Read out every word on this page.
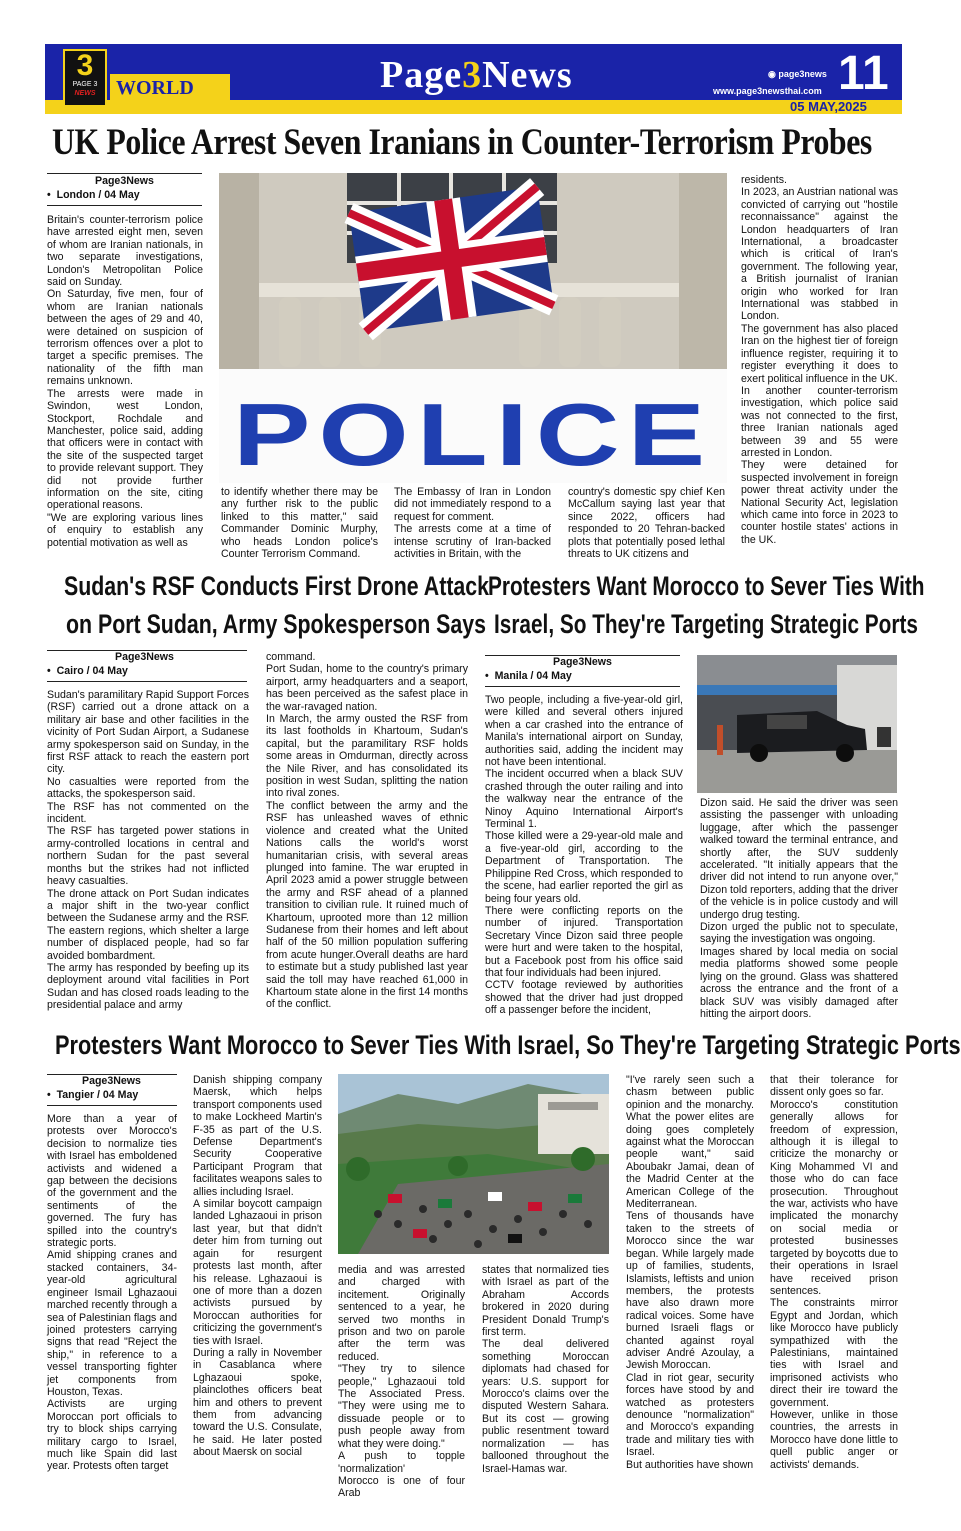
3
PAGE 3
NEWS	WORLD	Page3News	◉ page3news
www.page3newsthai.com 11
05 MAY,2025
UK Police Arrest Seven Iranians in Counter-Terrorism Probes
Page3News
•  London / 04 May

Britain's counter-terrorism police have arrested eight men, seven of whom are Iranian nationals, in two separate investigations, London's Metropolitan Police said on Sunday.
On Saturday, five men, four of whom are Iranian nationals between the ages of 29 and 40, were detained on suspicion of terrorism offences over a plot to target a specific premises. The nationality of the fifth man remains unknown.
The arrests were made in Swindon, west London, Stockport, Rochdale and Manchester, police said, adding that officers were in contact with the site of the suspected target to provide relevant support. They did not provide further information on the site, citing operational reasons.
"We are exploring various lines of enquiry to establish any potential motivation as well as

POLICE

to identify whether there may be any further risk to the public linked to this matter," said Commander Dominic Murphy, who heads London police's Counter Terrorism Command.

The Embassy of Iran in London did not immediately respond to a request for comment.
The arrests come at a time of intense scrutiny of Iran-backed activities in Britain, with the

country's domestic spy chief Ken McCallum saying last year that since 2022, officers had responded to 20 Tehran-backed plots that potentially posed lethal threats to UK citizens and

residents.
In 2023, an Austrian national was convicted of carrying out "hostile reconnaissance" against the London headquarters of Iran International, a broadcaster which is critical of Iran's government. The following year, a British journalist of Iranian origin who worked for Iran International was stabbed in London.
The government has also placed Iran on the highest tier of foreign influence register, requiring it to register everything it does to exert political influence in the UK.
In another counter-terrorism investigation, which police said was not connected to the first, three Iranian nationals aged between 39 and 55 were arrested in London.
They were detained for suspected involvement in foreign power threat activity under the National Security Act, legislation which came into force in 2023 to counter hostile states' actions in the UK.

Sudan's RSF Conducts First Drone Attack
on Port Sudan, Army Spokesperson Says
Page3News
•  Cairo / 04 May

Sudan's paramilitary Rapid Support Forces (RSF) carried out a drone attack on a military air base and other facilities in the vicinity of Port Sudan Airport, a Sudanese army spokesperson said on Sunday, in the first RSF attack to reach the eastern port city.
No casualties were reported from the attacks, the spokesperson said.
The RSF has not commented on the incident.
The RSF has targeted power stations in army-controlled locations in central and northern Sudan for the past several months but the strikes had not inflicted heavy casualties.
The drone attack on Port Sudan indicates a major shift in the two-year conflict between the Sudanese army and the RSF. The eastern regions, which shelter a large number of displaced people, had so far avoided bombardment.
The army has responded by beefing up its deployment around vital facilities in Port Sudan and has closed roads leading to the presidential palace and army

command.
Port Sudan, home to the country's primary airport, army headquarters and a seaport, has been perceived as the safest place in the war-ravaged nation.
In March, the army ousted the RSF from its last footholds in Khartoum, Sudan's capital, but the paramilitary RSF holds some areas in Omdurman, directly across the Nile River, and has consolidated its position in west Sudan, splitting the nation into rival zones.
The conflict between the army and the RSF has unleashed waves of ethnic violence and created what the United Nations calls the world's worst humanitarian crisis, with several areas plunged into famine. The war erupted in April 2023 amid a power struggle between the army and RSF ahead of a planned transition to civilian rule. It ruined much of Khartoum, uprooted more than 12 million Sudanese from their homes and left about half of the 50 million population suffering from acute hunger.Overall deaths are hard to estimate but a study published last year said the toll may have reached 61,000 in Khartoum state alone in the first 14 months of the conflict.

Protesters Want Morocco to Sever Ties With
Israel, So They're Targeting Strategic Ports
Page3News
•  Manila / 04 May

Two people, including a five-year-old girl, were killed and several others injured when a car crashed into the entrance of Manila's international airport on Sunday, authorities said, adding the incident may not have been intentional.
The incident occurred when a black SUV crashed through the outer railing and into the walkway near the entrance of the Ninoy Aquino International Airport's Terminal 1.
Those killed were a 29-year-old male and a five-year-old girl, according to the Department of Transportation. The Philippine Red Cross, which responded to the scene, had earlier reported the girl as being four years old.
There were conflicting reports on the number of injured. Transportation Secretary Vince Dizon said three people were hurt and were taken to the hospital, but a Facebook post from his office said that four individuals had been injured.
CCTV footage reviewed by authorities showed that the driver had just dropped off a passenger before the incident,

Dizon said. He said the driver was seen assisting the passenger with unloading luggage, after which the passenger walked toward the terminal entrance, and shortly after, the SUV suddenly accelerated. "It initially appears that the driver did not intend to run anyone over," Dizon told reporters, adding that the driver of the vehicle is in police custody and will undergo drug testing.
Dizon urged the public not to speculate, saying the investigation was ongoing.
Images shared by local media on social media platforms showed some people lying on the ground. Glass was shattered across the entrance and the front of a black SUV was visibly damaged after hitting the airport doors.

Protesters Want Morocco to Sever Ties With Israel, So They're Targeting Strategic Ports
Page3News
•  Tangier / 04 May

More than a year of protests over Morocco's decision to normalize ties with Israel has emboldened activists and widened a gap between the decisions of the government and the sentiments of the governed. The fury has spilled into the country's strategic ports.
Amid shipping cranes and stacked containers, 34-year-old agricultural engineer Ismail Lghazaoui marched recently through a sea of Palestinian flags and joined protesters carrying signs that read "Reject the ship," in reference to a vessel transporting fighter jet components from Houston, Texas.
Activists are urging Moroccan port officials to try to block ships carrying military cargo to Israel, much like Spain did last year. Protests often target

Danish shipping company Maersk, which helps transport components used to make Lockheed Martin's F-35 as part of the U.S. Defense Department's Security Cooperative Participant Program that facilitates weapons sales to allies including Israel.
A similar boycott campaign landed Lghazaoui in prison last year, but that didn't deter him from turning out again for resurgent protests last month, after his release. Lghazaoui is one of more than a dozen activists pursued by Moroccan authorities for criticizing the government's ties with Israel.
During a rally in November in Casablanca where Lghazaoui spoke, plainclothes officers beat him and others to prevent them from advancing toward the U.S. Consulate, he said. He later posted about Maersk on social

media and was arrested and charged with incitement. Originally sentenced to a year, he served two months in prison and two on parole after the term was reduced.
"They try to silence people," Lghazaoui told The Associated Press. "They were using me to dissuade people or to push people away from what they were doing."
A push to topple 'normalization'
Morocco is one of four Arab

states that normalized ties with Israel as part of the Abraham Accords brokered in 2020 during President Donald Trump's first term.
The deal delivered something Moroccan diplomats had chased for years: U.S. support for Morocco's claims over the disputed Western Sahara. But its cost — growing public resentment toward normalization — has ballooned throughout the Israel-Hamas war.

"I've rarely seen such a chasm between public opinion and the monarchy. What the power elites are doing goes completely against what the Moroccan people want," said Aboubakr Jamai, dean of the Madrid Center at the American College of the Mediterranean.
Tens of thousands have taken to the streets of Morocco since the war began. While largely made up of families, students, Islamists, leftists and union members, the protests have also drawn more radical voices. Some have burned Israeli flags or chanted against royal adviser André Azoulay, a Jewish Moroccan.
Clad in riot gear, security forces have stood by and watched as protesters denounce "normalization" and Morocco's expanding trade and military ties with Israel.
But authorities have shown

that their tolerance for dissent only goes so far.
Morocco's constitution generally allows for freedom of expression, although it is illegal to criticize the monarchy or King Mohammed VI and those who do can face prosecution. Throughout the war, activists who have implicated the monarchy on social media or protested businesses targeted by boycotts due to their operations in Israel have received prison sentences.
The constraints mirror Egypt and Jordan, which like Morocco have publicly sympathized with the Palestinians, maintained ties with Israel and imprisoned activists who direct their ire toward the government.
However, unlike in those countries, the arrests in Morocco have done little to quell public anger or activists' demands.
